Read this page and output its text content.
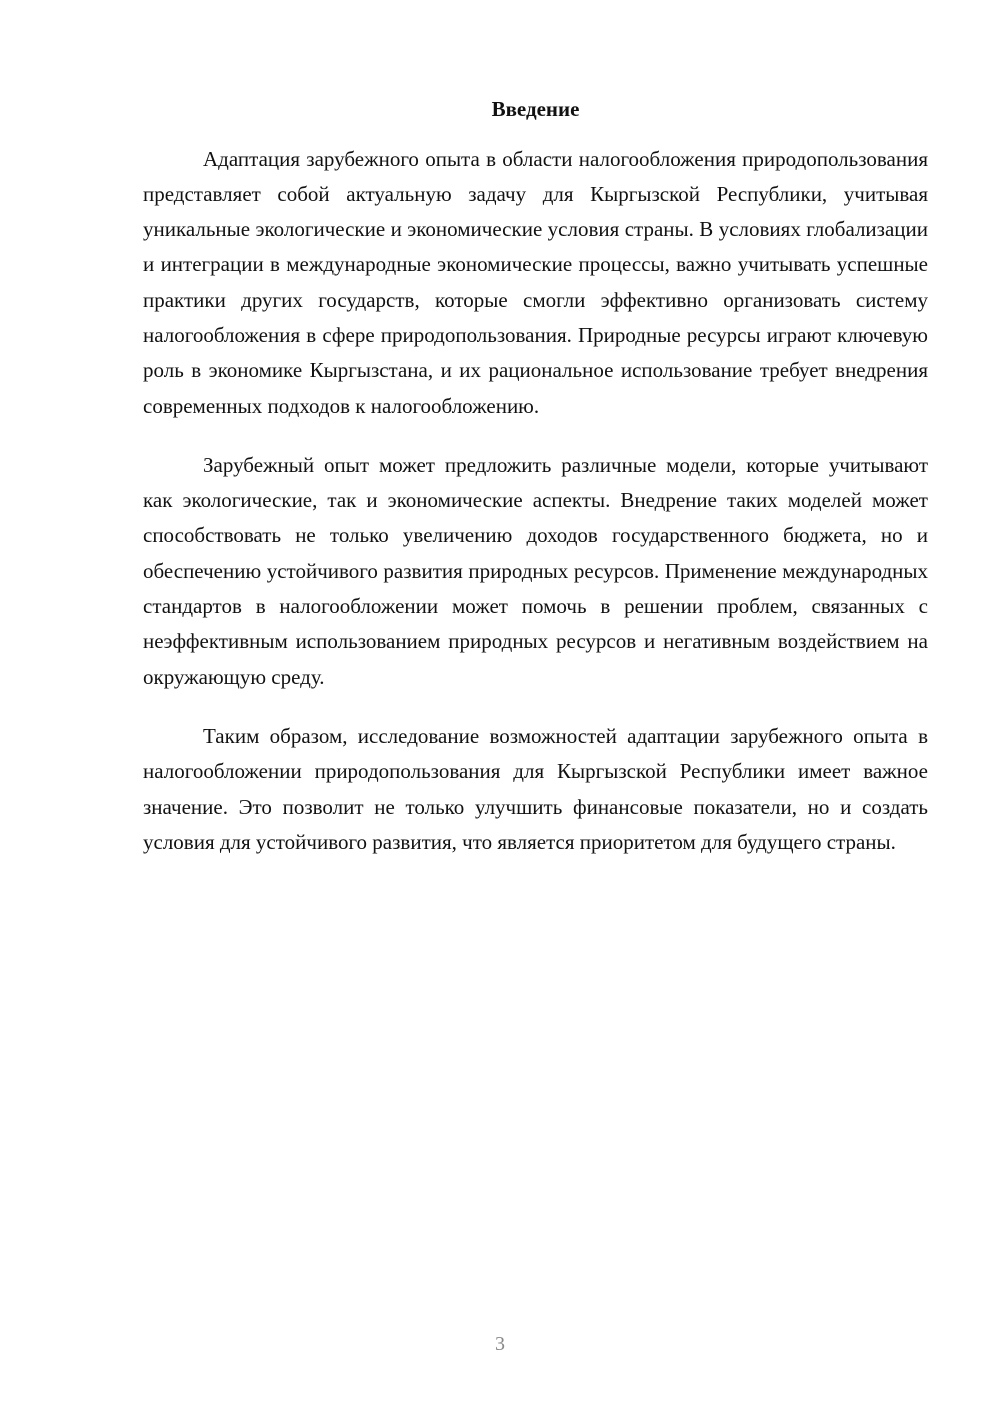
Введение

Адаптация зарубежного опыта в области налогообложения природопользования представляет собой актуальную задачу для Кыргызской Республики, учитывая уникальные экологические и экономические условия страны. В условиях глобализации и интеграции в международные экономические процессы, важно учитывать успешные практики других государств, которые смогли эффективно организовать систему налогообложения в сфере природопользования. Природные ресурсы играют ключевую роль в экономике Кыргызстана, и их рациональное использование требует внедрения современных подходов к налогообложению.

Зарубежный опыт может предложить различные модели, которые учитывают как экологические, так и экономические аспекты. Внедрение таких моделей может способствовать не только увеличению доходов государственного бюджета, но и обеспечению устойчивого развития природных ресурсов. Применение международных стандартов в налогообложении может помочь в решении проблем, связанных с неэффективным использованием природных ресурсов и негативным воздействием на окружающую среду.

Таким образом, исследование возможностей адаптации зарубежного опыта в налогообложении природопользования для Кыргызской Республики имеет важное значение. Это позволит не только улучшить финансовые показатели, но и создать условия для устойчивого развития, что является приоритетом для будущего страны.

3
